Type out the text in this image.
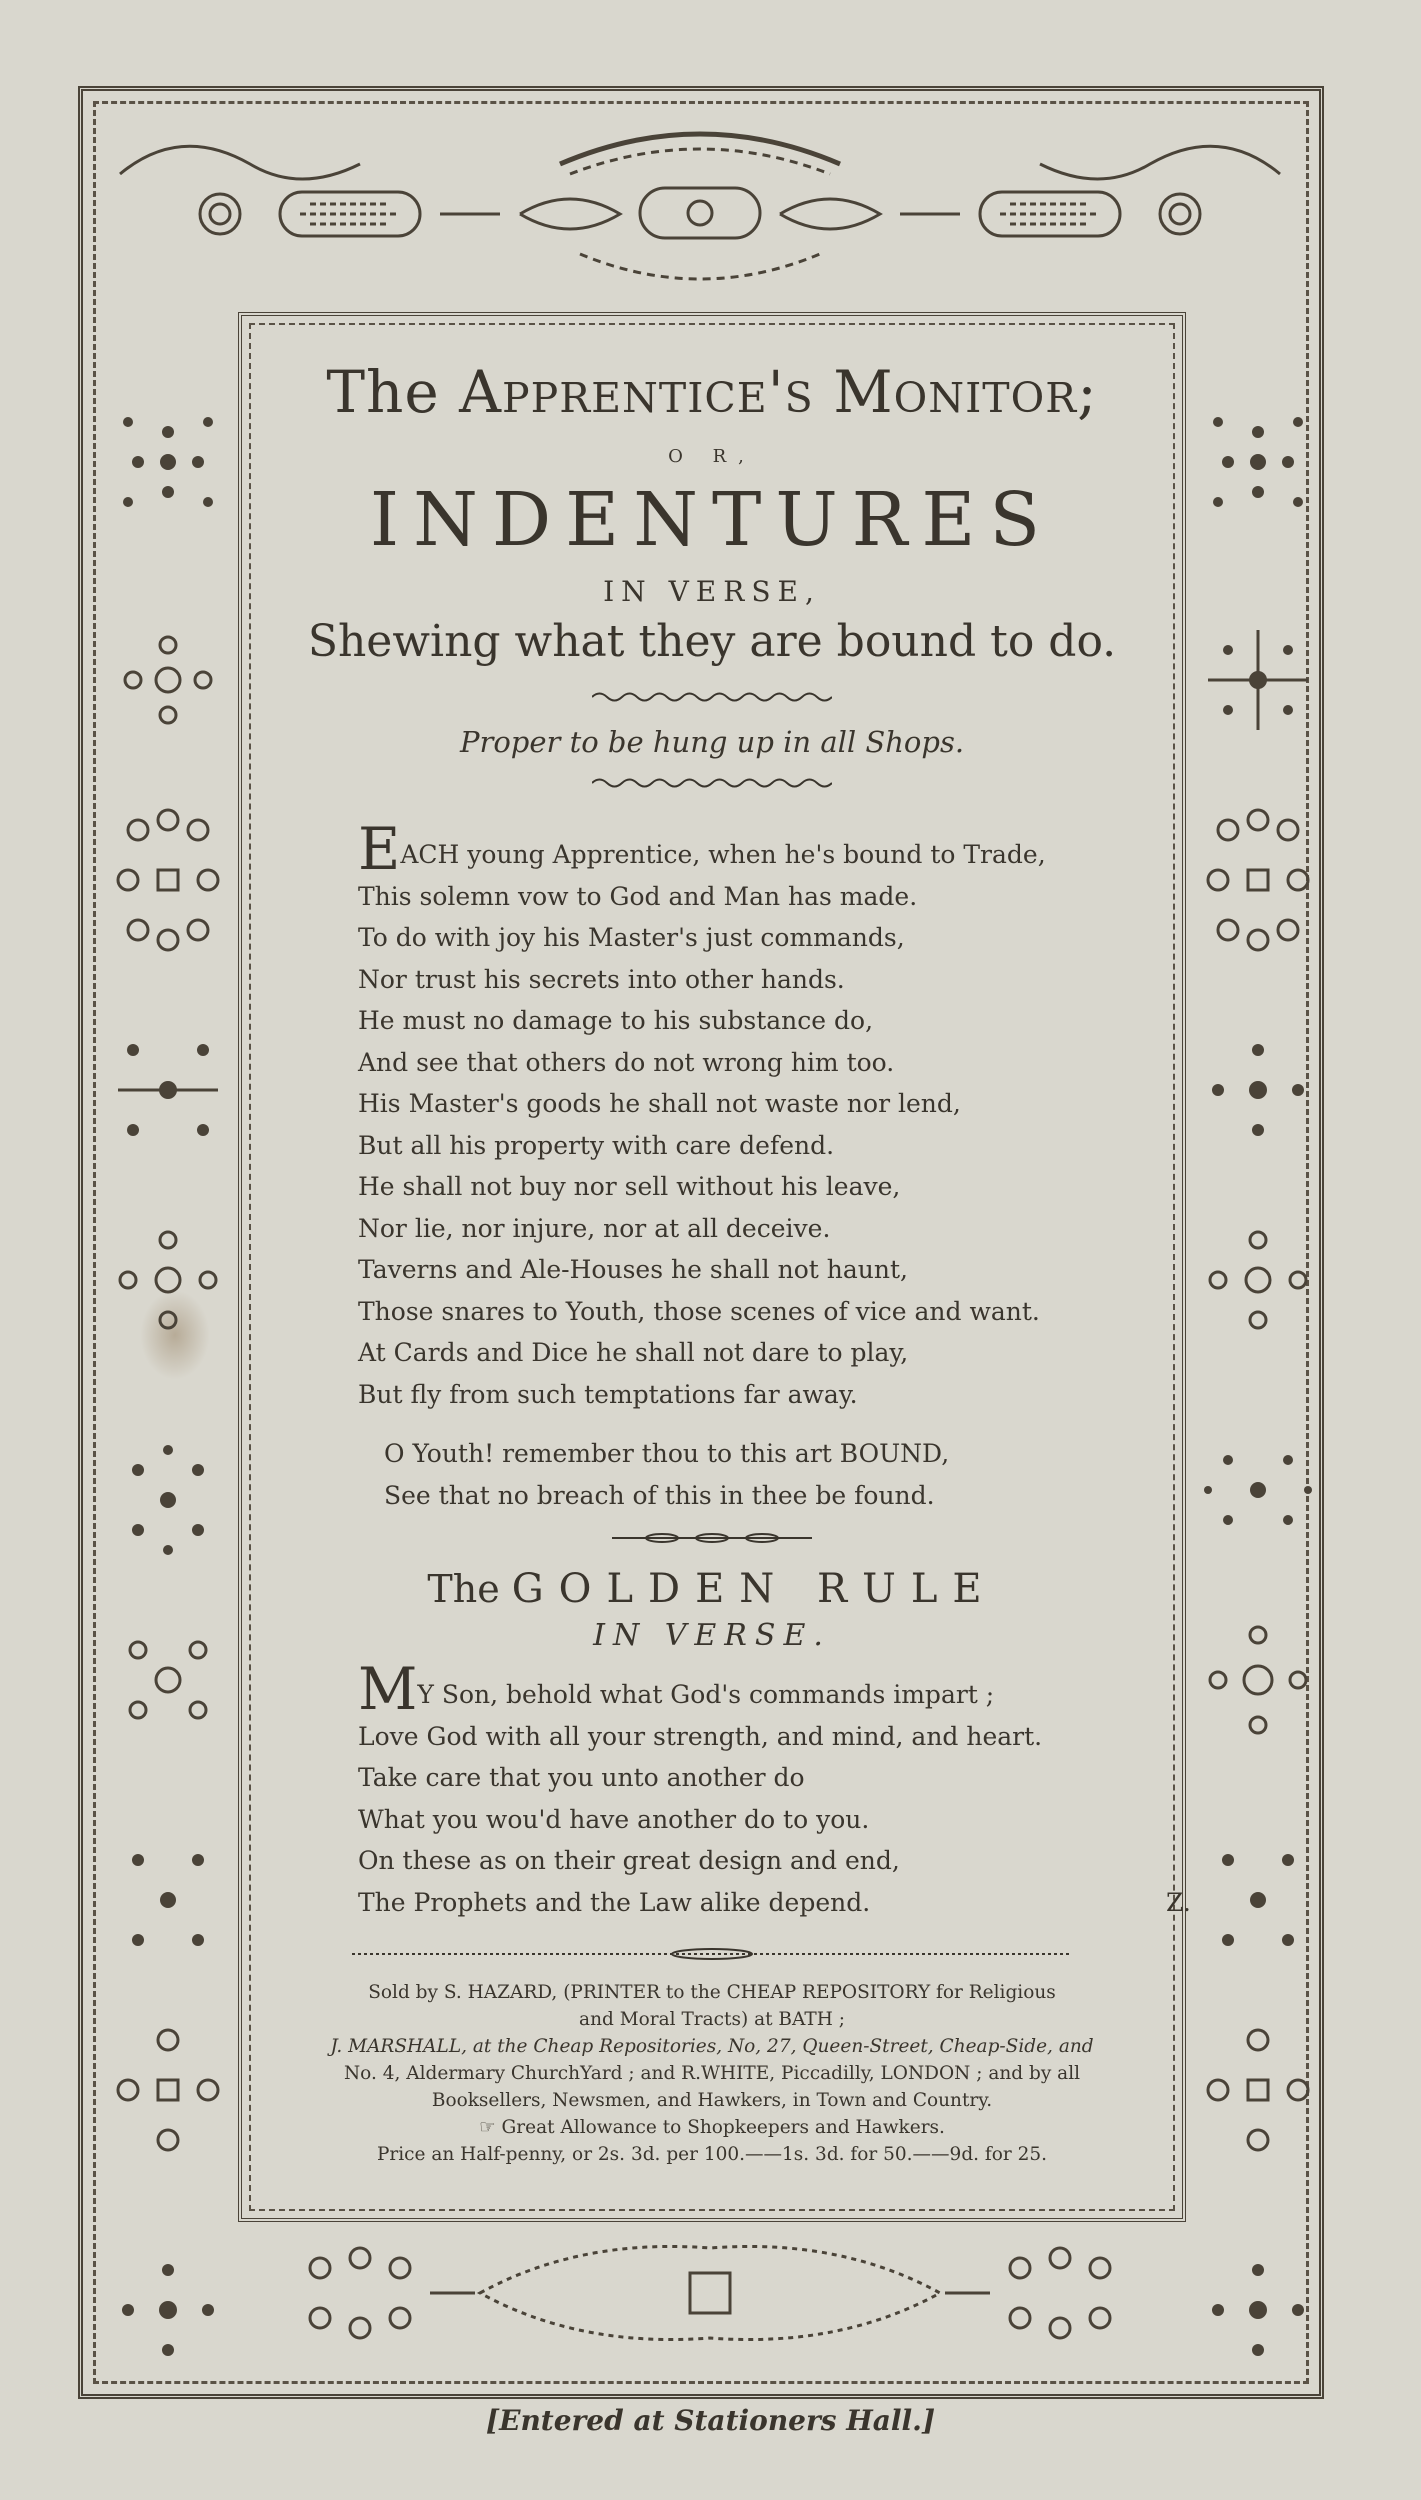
The Apprentice's Monitor;
O R,
INDENTURES
IN VERSE,
Shewing what they are bound to do.
Proper to be hung up in all Shops.
EACH young Apprentice, when he's bound to Trade,
This solemn vow to God and Man has made.
To do with joy his Master's just commands,
Nor trust his secrets into other hands.
He must no damage to his substance do,
And see that others do not wrong him too.
His Master's goods he shall not waste nor lend,
But all his property with care defend.
He shall not buy nor sell without his leave,
Nor lie, nor injure, nor at all deceive.
Taverns and Ale-Houses he shall not haunt,
Those snares to Youth, those scenes of vice and want.
At Cards and Dice he shall not dare to play,
But fly from such temptations far away.
O Youth! remember thou to this art BOUND,
See that no breach of this in thee be found.
The GOLDEN RULE
IN VERSE.
MY Son, behold what God's commands impart ;
Love God with all your strength, and mind, and heart.
Take care that you unto another do
What you wou'd have another do to you.
On these as on their great design and end,
The Prophets and the Law alike depend.	Z.
Sold by S. HAZARD, (PRINTER to the CHEAP REPOSITORY for Religious
and Moral Tracts) at BATH ;
J. MARSHALL, at the Cheap Repositories, No, 27, Queen-Street, Cheap-Side, and
No. 4, Aldermary ChurchYard ; and R.WHITE, Piccadilly, LONDON ; and by all
Booksellers, Newsmen, and Hawkers, in Town and Country.
☞ Great Allowance to Shopkeepers and Hawkers.
Price an Half-penny, or 2s. 3d. per 100.——1s. 3d. for 50.——9d. for 25.
[Entered at Stationers Hall.]
